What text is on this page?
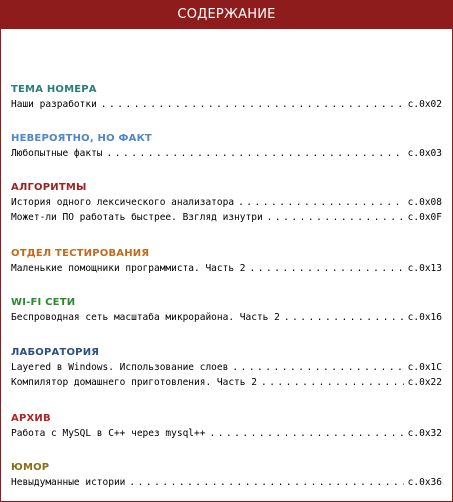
СОДЕРЖАНИЕ
ТЕМА НОМЕРА
Наши разработки . . .	с.0x02
НЕВЕРОЯТНО, НО ФАКТ
Любопытные факты . . .	с.0x03
АЛГОРИТМЫ
История одного лексического анализатора . . .	с.0x08
Может-ли ПО работать быстрее. Взгляд изнутри . . .	с.0x0F
ОТДЕЛ ТЕСТИРОВАНИЯ
Маленькие помощники программиста. Часть 2 . . .	с.0x13
WI-FI СЕТИ
Беспроводная сеть масштаба микрорайона. Часть 2 . . .	с.0x16
ЛАБОРАТОРИЯ
Layered в Windows. Использование слоев . . .	с.0x1C
Компилятор домашнего приготовления. Часть 2 . . .	с.0x22
АРХИВ
Работа с MySQL в C++ через mysql++ . . .	с.0x32
ЮМОР
Невыдуманные истории . . .	с.0x36
